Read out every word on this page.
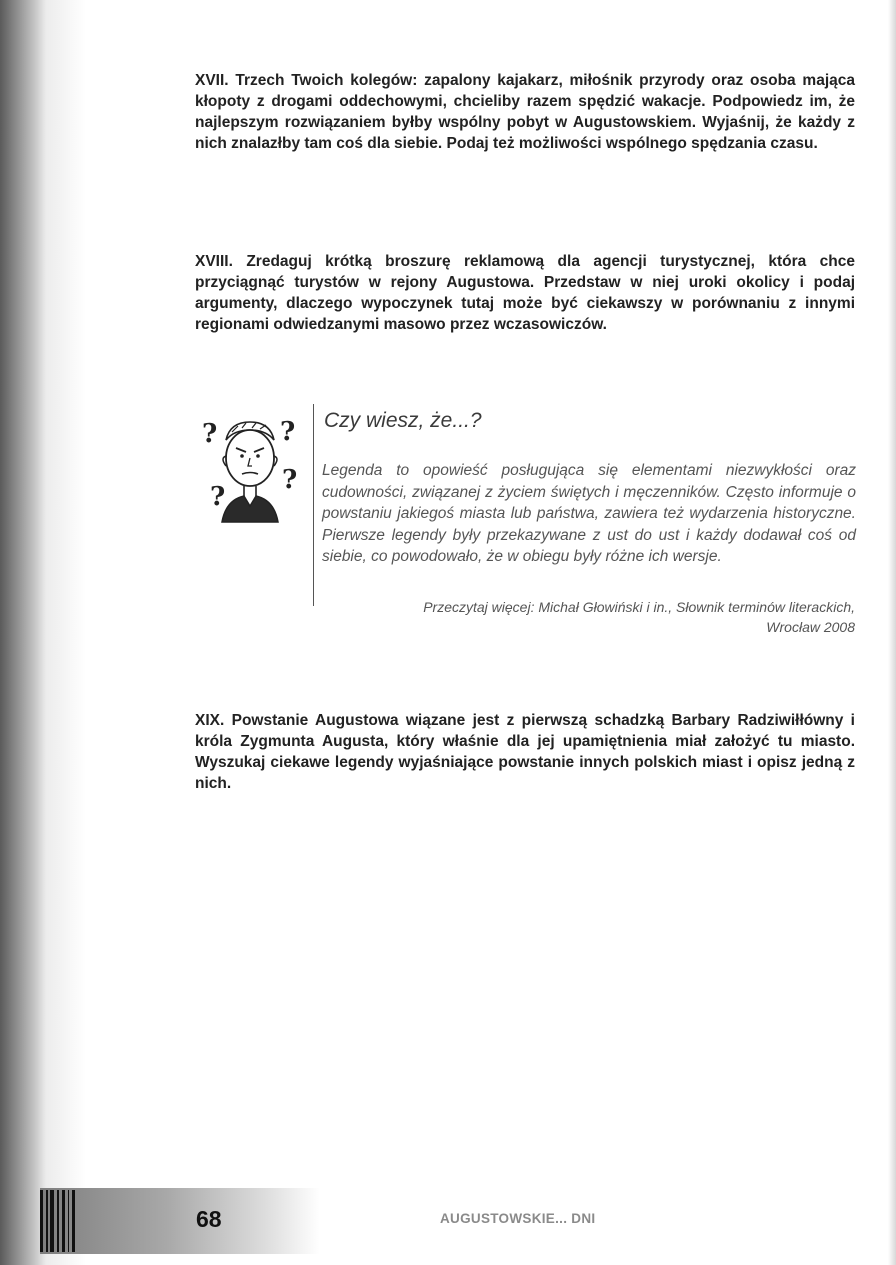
XVII. Trzech Twoich kolegów: zapalony kajakarz, miłośnik przyrody oraz osoba mająca kłopoty z drogami oddechowymi, chcieliby razem spędzić wakacje. Podpowiedz im, że najlepszym rozwiązaniem byłby wspólny pobyt w Augustowskiem. Wyjaśnij, że każdy z nich znalazłby tam coś dla siebie. Podaj też możliwości wspólnego spędzania czasu.
XVIII. Zredaguj krótką broszurę reklamową dla agencji turystycznej, która chce przyciągnąć turystów w rejony Augustowa. Przedstaw w niej uroki okolicy i podaj argumenty, dlaczego wypoczynek tutaj może być ciekawszy w porównaniu z innymi regionami odwiedzanymi masowo przez wczasowiczów.
? ?
?
?
Czy wiesz, że...?
Legenda to opowieść posługująca się elementami niezwykłości oraz cudowności, związanej z życiem świętych i męczenników. Często informuje o powstaniu jakiegoś miasta lub państwa, zawiera też wydarzenia historyczne. Pierwsze legendy były przekazywane z ust do ust i każdy dodawał coś od siebie, co powodowało, że w obiegu były różne ich wersje.
Przeczytaj więcej: Michał Głowiński i in., Słownik terminów literackich,
Wrocław 2008
XIX. Powstanie Augustowa wiązane jest z pierwszą schadzką Barbary Radziwiłłówny i króla Zygmunta Augusta, który właśnie dla jej upamiętnienia miał założyć tu miasto. Wyszukaj ciekawe legendy wyjaśniające powstanie innych polskich miast i opisz jedną z nich.
68	AUGUSTOWSKIE... DNI
